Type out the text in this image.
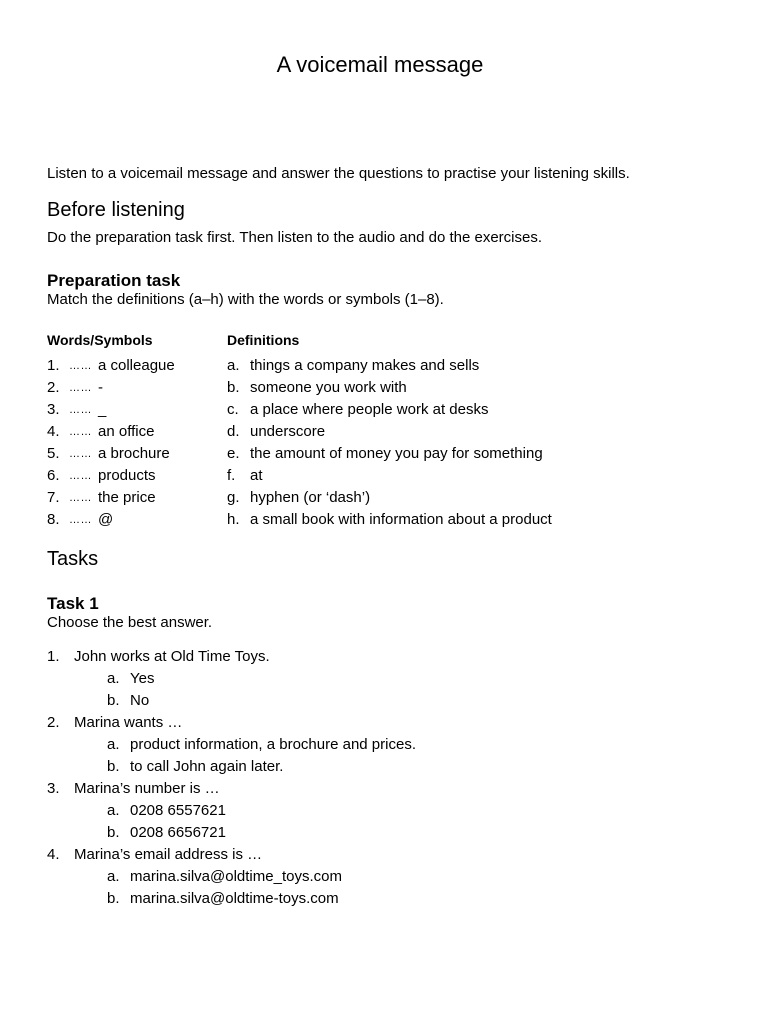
A voicemail message

Listen to a voicemail message and answer the questions to practise your listening skills.

Before listening

Do the preparation task first. Then listen to the audio and do the exercises.

Preparation task

Match the definitions (a–h) with the words or symbols (1–8).

Words/Symbols	Definitions
1. …… a colleague	a. things a company makes and sells
2. …… -	b. someone you work with
3. …… _	c. a place where people work at desks
4. …… an office	d. underscore
5. …… a brochure	e. the amount of money you pay for something
6. …… products	f. at
7. …… the price	g. hyphen (or ‘dash’)
8. …… @	h. a small book with information about a product
Tasks
Task 1

Choose the best answer.

1. John works at Old Time Toys.
a. Yes
b. No
2. Marina wants …
a. product information, a brochure and prices.
b. to call John again later.
3. Marina’s number is …
a. 0208 6557621
b. 0208 6656721
4. Marina’s email address is …
a. marina.silva@oldtime_toys.com
b. marina.silva@oldtime-toys.com
